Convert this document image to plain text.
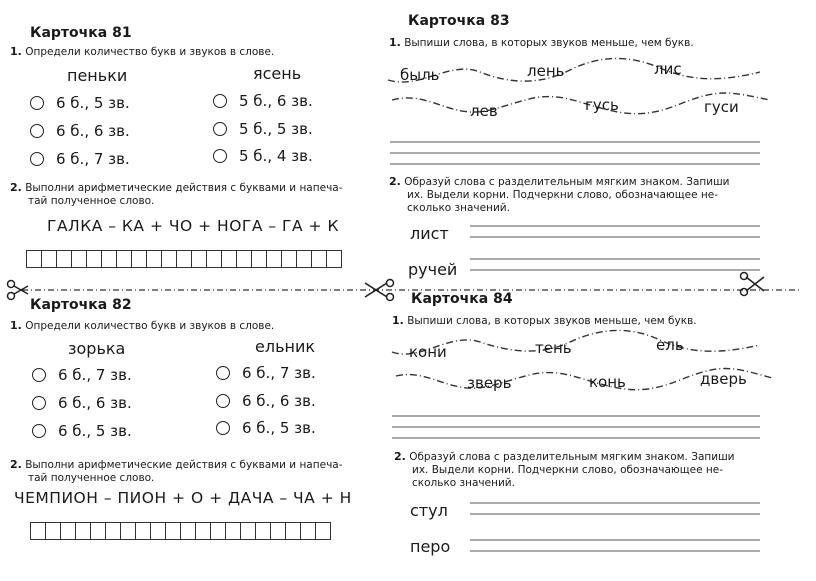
Карточка 81
1. Определи количество букв и звуков в слове.
пеньки	ясень
6 б., 5 зв.
6 б., 6 зв.
6 б., 7 зв.
5 б., 6 зв.
5 б., 5 зв.
5 б., 4 зв.
2. Выполни арифметические действия с буквами и напеча-
тай полученное слово.
ГАЛКА – КА + ЧО + НОГА – ГА + К
Карточка 82
1. Определи количество букв и звуков в слове.
зорька	ельник
6 б., 7 зв.
6 б., 6 зв.
6 б., 5 зв.
6 б., 7 зв.
6 б., 6 зв.
6 б., 5 зв.
2. Выполни арифметические действия с буквами и напеча-
тай полученное слово.
ЧЕМПИОН – ПИОН + О + ДАЧА – ЧА + Н
Карточка 83
1. Выпиши слова, в которых звуков меньше, чем букв.
быль	лень	лис
лев	гусь	гуси
2. Образуй слова с разделительным мягким знаком. Запиши
их. Выдели корни. Подчеркни слово, обозначающее не-
сколько значений.
лист
ручей
Карточка 84
1. Выпиши слова, в которых звуков меньше, чем букв.
кони	тень	ель
зверь	конь	дверь
2. Образуй слова с разделительным мягким знаком. Запиши
их. Выдели корни. Подчеркни слово, обозначающее не-
сколько значений.
стул
перо
